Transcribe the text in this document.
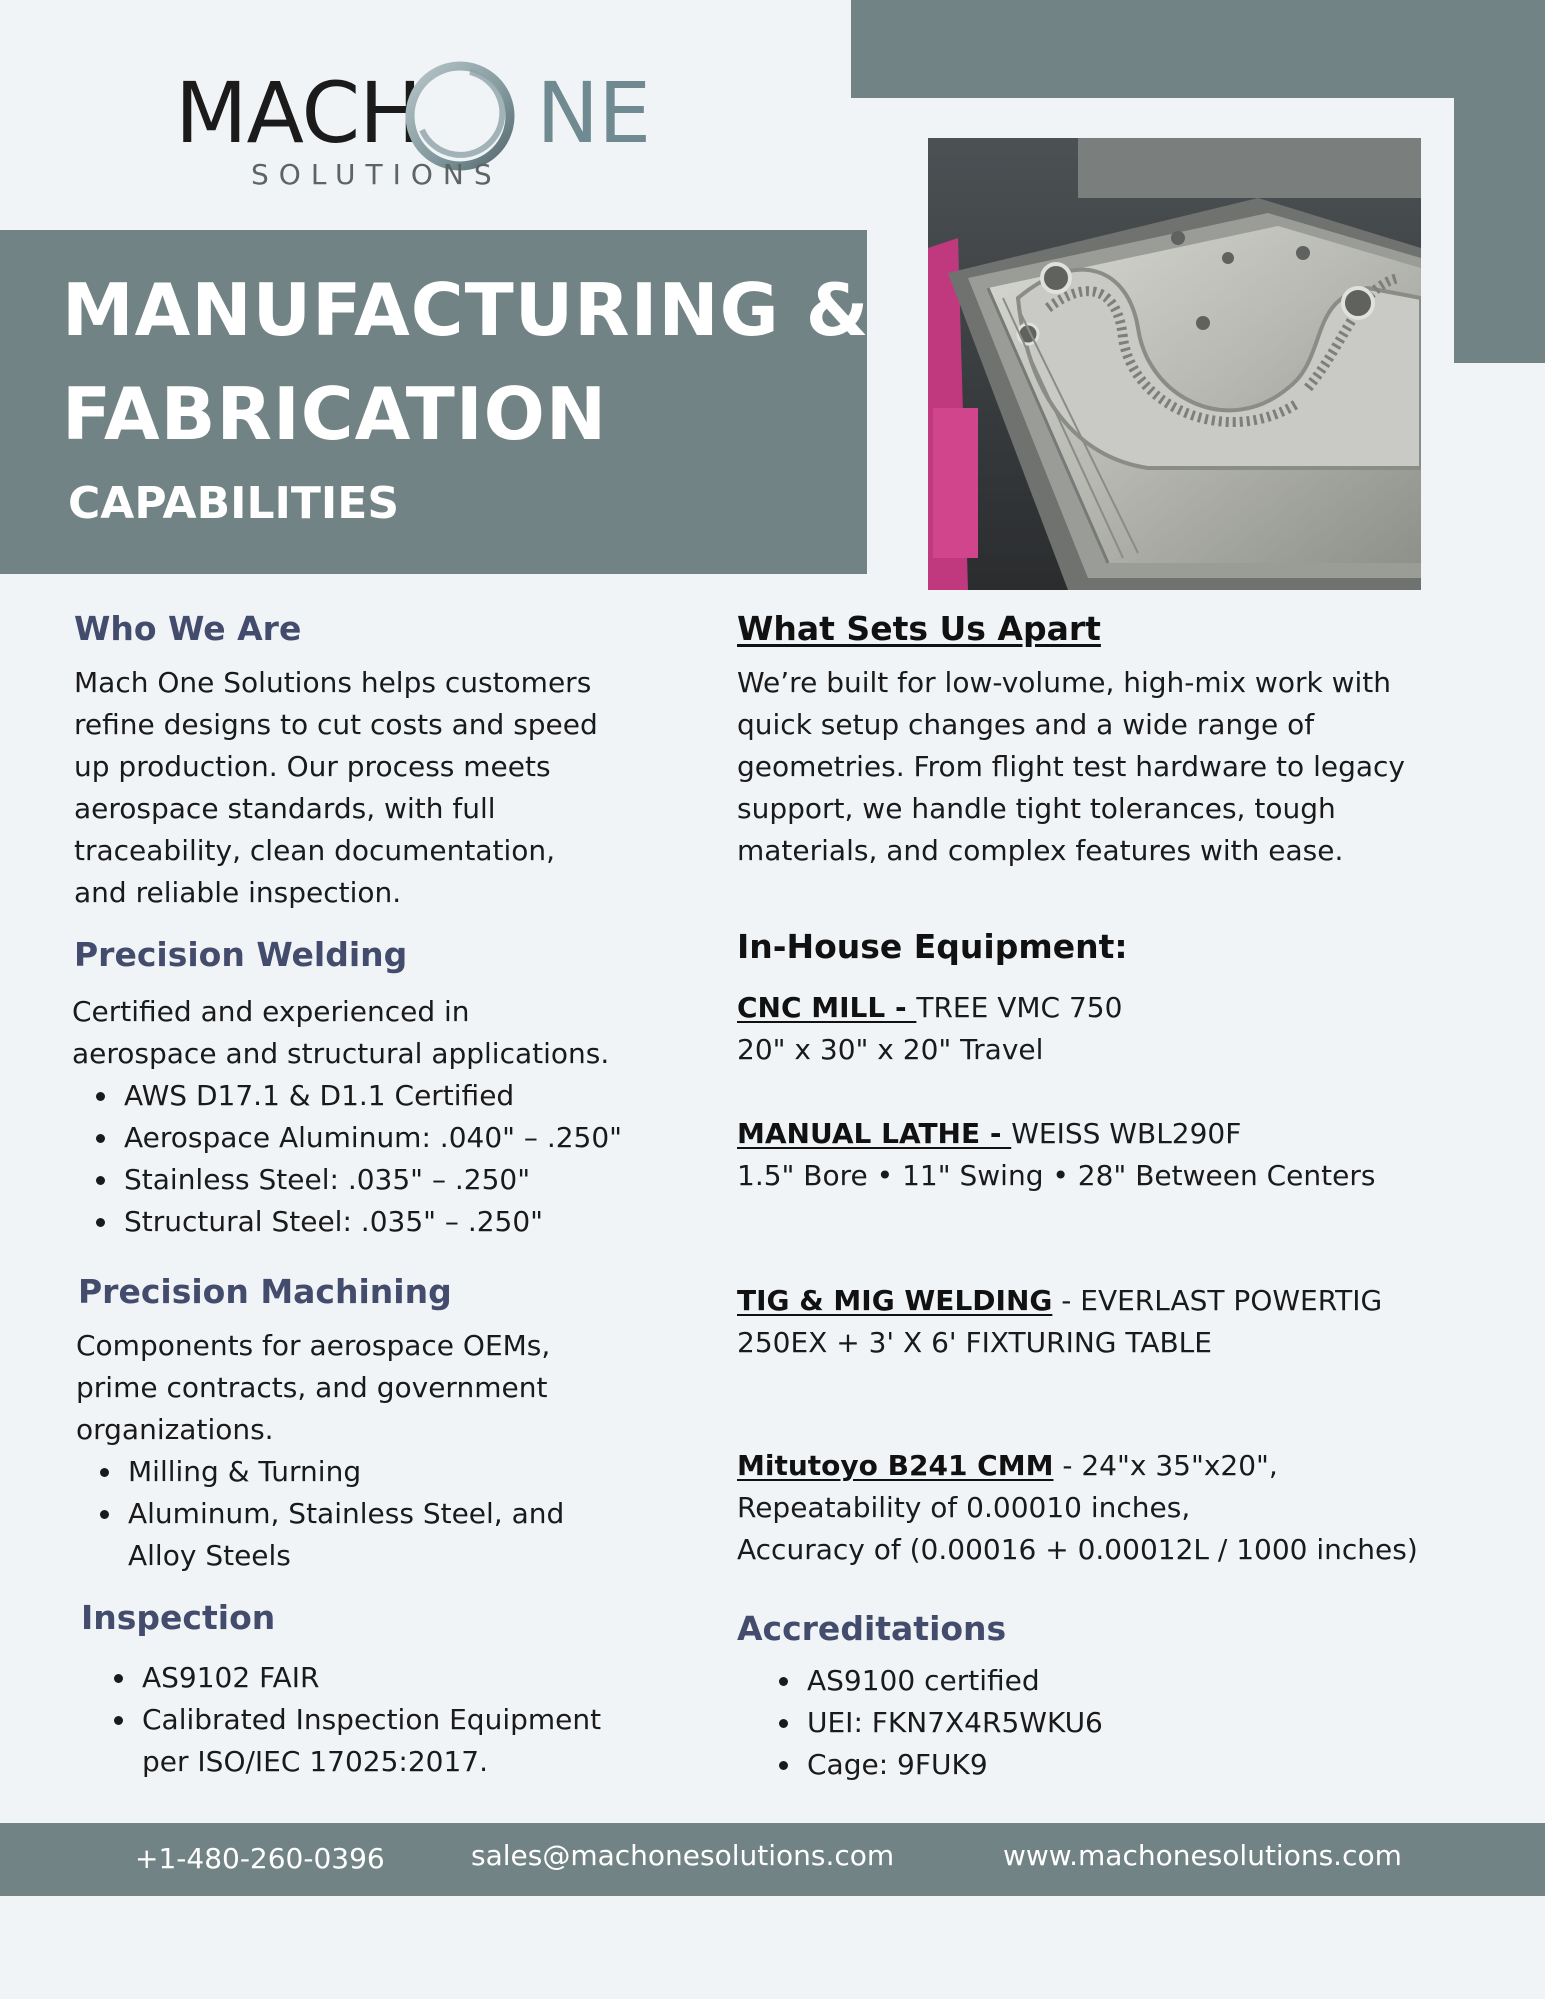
MACH NE
SOLUTIONS
MANUFACTURING &
FABRICATION
CAPABILITIES
Who We Are
Mach One Solutions helps customers
refine designs to cut costs and speed
up production. Our process meets
aerospace standards, with full
traceability, clean documentation,
and reliable inspection.
What Sets Us Apart
We’re built for low-volume, high-mix work with
quick setup changes and a wide range of
geometries. From flight test hardware to legacy
support, we handle tight tolerances, tough
materials, and complex features with ease.
Precision Welding
Certified and experienced in
aerospace and structural applications.
AWS D17.1 & D1.1 Certified
Aerospace Aluminum: .040" – .250"
Stainless Steel: .035" – .250"
Structural Steel: .035" – .250"
Precision Machining
Components for aerospace OEMs,
prime contracts, and government
organizations.
Milling & Turning
Aluminum, Stainless Steel, and
Alloy Steels
Inspection
AS9102 FAIR
Calibrated Inspection Equipment
per ISO/IEC 17025:2017.
In-House Equipment:
CNC MILL - TREE VMC 750
20" x 30" x 20" Travel
MANUAL LATHE - WEISS WBL290F
1.5" Bore • 11" Swing • 28" Between Centers
TIG & MIG WELDING - EVERLAST POWERTIG
250EX + 3' X 6' FIXTURING TABLE
Mitutoyo B241 CMM - 24"x 35"x20",
Repeatability of 0.00010 inches,
Accuracy of (0.00016 + 0.00012L / 1000 inches)
Accreditations
AS9100 certified
UEI: FKN7X4R5WKU6
Cage: 9FUK9
+1-480-260-0396	sales@machonesolutions.com	www.machonesolutions.com
